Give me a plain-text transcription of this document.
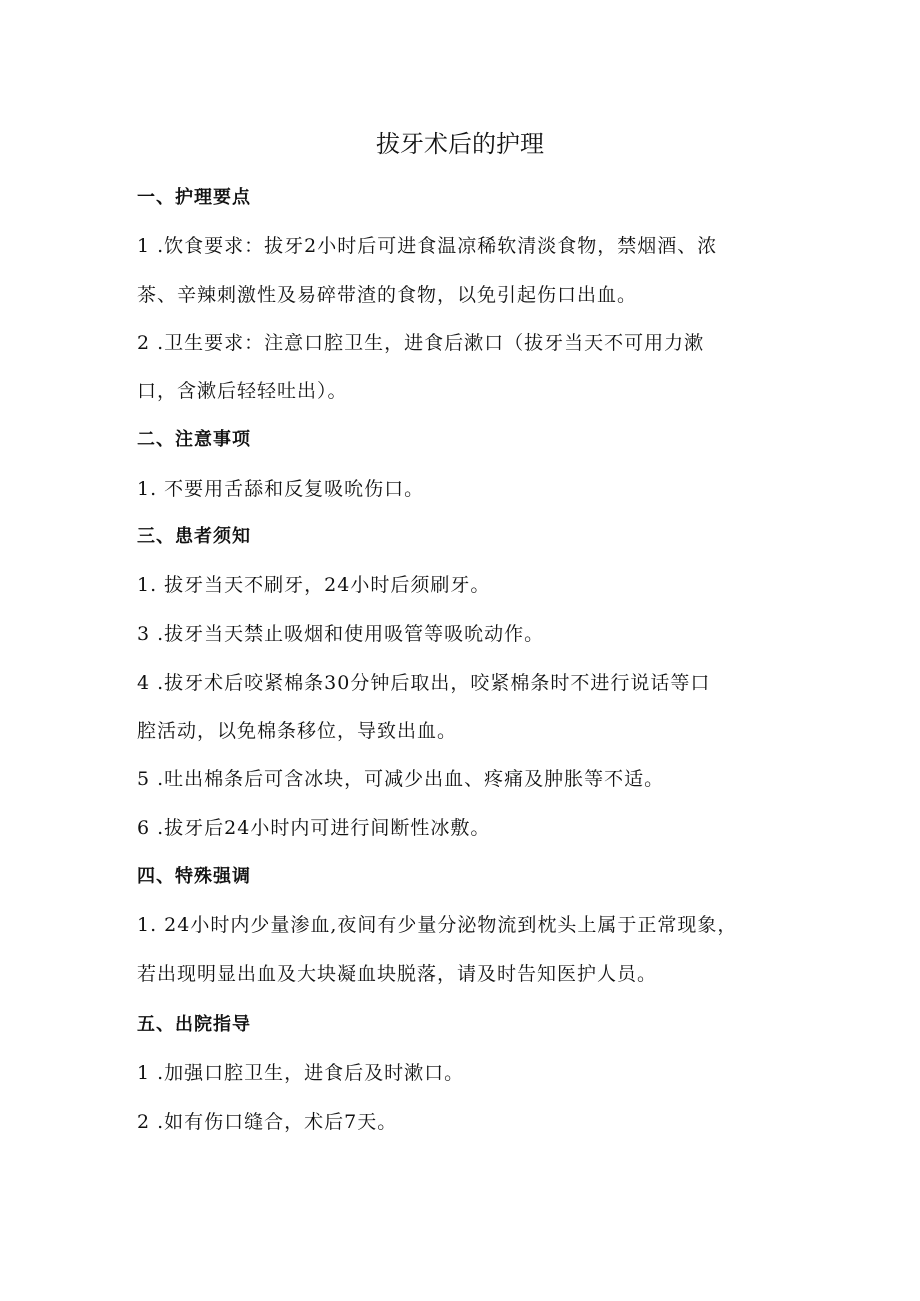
拔牙术后的护理
一、护理要点
1 .饮食要求：拔牙2小时后可进食温凉稀软清淡食物，禁烟酒、浓
茶、辛辣刺激性及易碎带渣的食物，以免引起伤口出血。
2 .卫生要求：注意口腔卫生，进食后漱口（拔牙当天不可用力漱
口，含漱后轻轻吐出）。
二、注意事项
1. 不要用舌舔和反复吸吮伤口。
三、患者须知
1. 拔牙当天不刷牙，24小时后须刷牙。
3 .拔牙当天禁止吸烟和使用吸管等吸吮动作。
4 .拔牙术后咬紧棉条30分钟后取出，咬紧棉条时不进行说话等口
腔活动，以免棉条移位，导致出血。
5 .吐出棉条后可含冰块，可减少出血、疼痛及肿胀等不适。
6 .拔牙后24小时内可进行间断性冰敷。
四、特殊强调
1. 24小时内少量渗血,夜间有少量分泌物流到枕头上属于正常现象，
若出现明显出血及大块凝血块脱落，请及时告知医护人员。
五、出院指导
1 .加强口腔卫生，进食后及时漱口。
2 .如有伤口缝合，术后7天。
